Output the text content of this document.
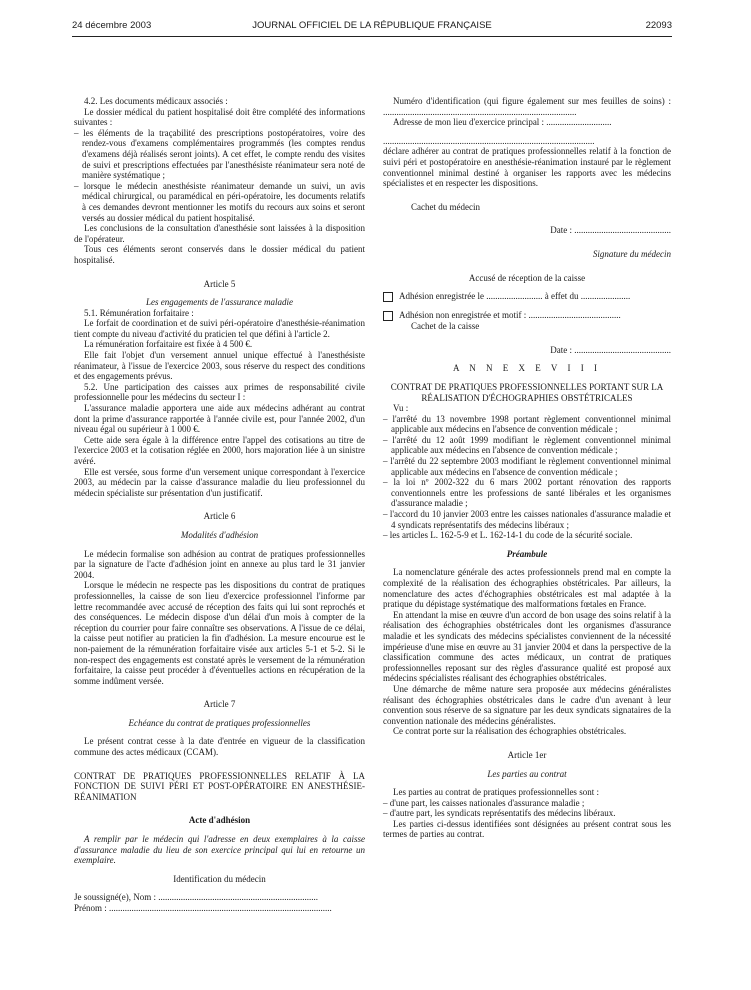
24 décembre 2003	JOURNAL OFFICIEL DE LA RÉPUBLIQUE FRANÇAISE	22093

4.2. Les documents médicaux associés :

Le dossier médical du patient hospitalisé doit être complété des informations suivantes :

– les éléments de la traçabilité des prescriptions postopératoires, voire des rendez-vous d'examens complémentaires programmés (les comptes rendus d'examens déjà réalisés seront joints). A cet effet, le compte rendu des visites de suivi et prescriptions effectuées par l'anesthésiste réanimateur sera noté de manière systématique ;

– lorsque le médecin anesthésiste réanimateur demande un suivi, un avis médical chirurgical, ou paramédical en péri-opératoire, les documents relatifs à ces demandes devront mentionner les motifs du recours aux soins et seront versés au dossier médical du patient hospitalisé.

Les conclusions de la consultation d'anesthésie sont laissées à la disposition de l'opérateur.

Tous ces éléments seront conservés dans le dossier médical du patient hospitalisé.

Article 5

Les engagements de l'assurance maladie

5.1. Rémunération forfaitaire :

Le forfait de coordination et de suivi péri-opératoire d'anesthésie-réanimation tient compte du niveau d'activité du praticien tel que défini à l'article 2.

La rémunération forfaitaire est fixée à 4 500 €.

Elle fait l'objet d'un versement annuel unique effectué à l'anesthésiste réanimateur, à l'issue de l'exercice 2003, sous réserve du respect des conditions et des engagements prévus.

5.2. Une participation des caisses aux primes de responsabilité civile professionnelle pour les médecins du secteur I :

L'assurance maladie apportera une aide aux médecins adhérant au contrat dont la prime d'assurance rapportée à l'année civile est, pour l'année 2002, d'un niveau égal ou supérieur à 1 000 €.

Cette aide sera égale à la différence entre l'appel des cotisations au titre de l'exercice 2003 et la cotisation réglée en 2000, hors majoration liée à un sinistre avéré.

Elle est versée, sous forme d'un versement unique correspondant à l'exercice 2003, au médecin par la caisse d'assurance maladie du lieu professionnel du médecin spécialiste sur présentation d'un justificatif.

Article 6

Modalités d'adhésion

Le médecin formalise son adhésion au contrat de pratiques professionnelles par la signature de l'acte d'adhésion joint en annexe au plus tard le 31 janvier 2004.

Lorsque le médecin ne respecte pas les dispositions du contrat de pratiques professionnelles, la caisse de son lieu d'exercice professionnel l'informe par lettre recommandée avec accusé de réception des faits qui lui sont reprochés et des conséquences. Le médecin dispose d'un délai d'un mois à compter de la réception du courrier pour faire connaître ses observations. A l'issue de ce délai, la caisse peut notifier au praticien la fin d'adhésion. La mesure encourue est le non-paiement de la rémunération forfaitaire visée aux articles 5-1 et 5-2. Si le non-respect des engagements est constaté après le versement de la rémunération forfaitaire, la caisse peut procéder à d'éventuelles actions en récupération de la somme indûment versée.

Article 7

Echéance du contrat de pratiques professionnelles

Le présent contrat cesse à la date d'entrée en vigueur de la classification commune des actes médicaux (CCAM).

CONTRAT DE PRATIQUES PROFESSIONNELLES RELATIF À LA FONCTION DE SUIVI PÉRI ET POST-OPÉRATOIRE EN ANESTHÉSIE-RÉANIMATION

Acte d'adhésion

A remplir par le médecin qui l'adresse en deux exemplaires à la caisse d'assurance maladie du lieu de son exercice principal qui lui en retourne un exemplaire.

Identification du médecin

Je soussigné(e), Nom : .......................................................................

Prénom : ...................................................................................................

Numéro d'identification (qui figure également sur mes feuilles de soins) : ......................................................................................

Adresse de mon lieu d'exercice principal : .............................

..............................................................................................

déclare adhérer au contrat de pratiques professionnelles relatif à la fonction de suivi péri et postopératoire en anesthésie-réanimation instauré par le règlement conventionnel minimal destiné à organiser les rapports avec les médecins spécialistes et en respecter les dispositions.

Cachet du médecin

Date : ...........................................

Signature du médecin

Accusé de réception de la caisse

Adhésion enregistrée le ......................... à effet du ......................
Adhésion non enregistrée et motif : .........................................

Cachet de la caisse

Date : ...........................................

A N N E X E V I I I

CONTRAT DE PRATIQUES PROFESSIONNELLES PORTANT SUR LA RÉALISATION D'ÉCHOGRAPHIES OBSTÉTRICALES

Vu :

– l'arrêté du 13 novembre 1998 portant règlement conventionnel minimal applicable aux médecins en l'absence de convention médicale ;

– l'arrêté du 12 août 1999 modifiant le règlement conventionnel minimal applicable aux médecins en l'absence de convention médicale ;

– l'arrêté du 22 septembre 2003 modifiant le règlement conventionnel minimal applicable aux médecins en l'absence de convention médicale ;

– la loi nº 2002-322 du 6 mars 2002 portant rénovation des rapports conventionnels entre les professions de santé libérales et les organismes d'assurance maladie ;

– l'accord du 10 janvier 2003 entre les caisses nationales d'assurance maladie et 4 syndicats représentatifs des médecins libéraux ;

– les articles L. 162-5-9 et L. 162-14-1 du code de la sécurité sociale.

Préambule

La nomenclature générale des actes professionnels prend mal en compte la complexité de la réalisation des échographies obstétricales. Par ailleurs, la nomenclature des actes d'échographies obstétricales est mal adaptée à la pratique du dépistage systématique des malformations fœtales en France.

En attendant la mise en œuvre d'un accord de bon usage des soins relatif à la réalisation des échographies obstétricales dont les organismes d'assurance maladie et les syndicats des médecins spécialistes conviennent de la nécessité impérieuse d'une mise en œuvre au 31 janvier 2004 et dans la perspective de la classification commune des actes médicaux, un contrat de pratiques professionnelles reposant sur des règles d'assurance qualité est proposé aux médecins spécialistes réalisant des échographies obstétricales.

Une démarche de même nature sera proposée aux médecins généralistes réalisant des échographies obstétricales dans le cadre d'un avenant à leur convention sous réserve de sa signature par les deux syndicats signataires de la convention nationale des médecins généralistes.

Ce contrat porte sur la réalisation des échographies obstétricales.

Article 1er

Les parties au contrat

Les parties au contrat de pratiques professionnelles sont :

– d'une part, les caisses nationales d'assurance maladie ;

– d'autre part, les syndicats représentatifs des médecins libéraux.

Les parties ci-dessus identifiées sont désignées au présent contrat sous les termes de parties au contrat.
